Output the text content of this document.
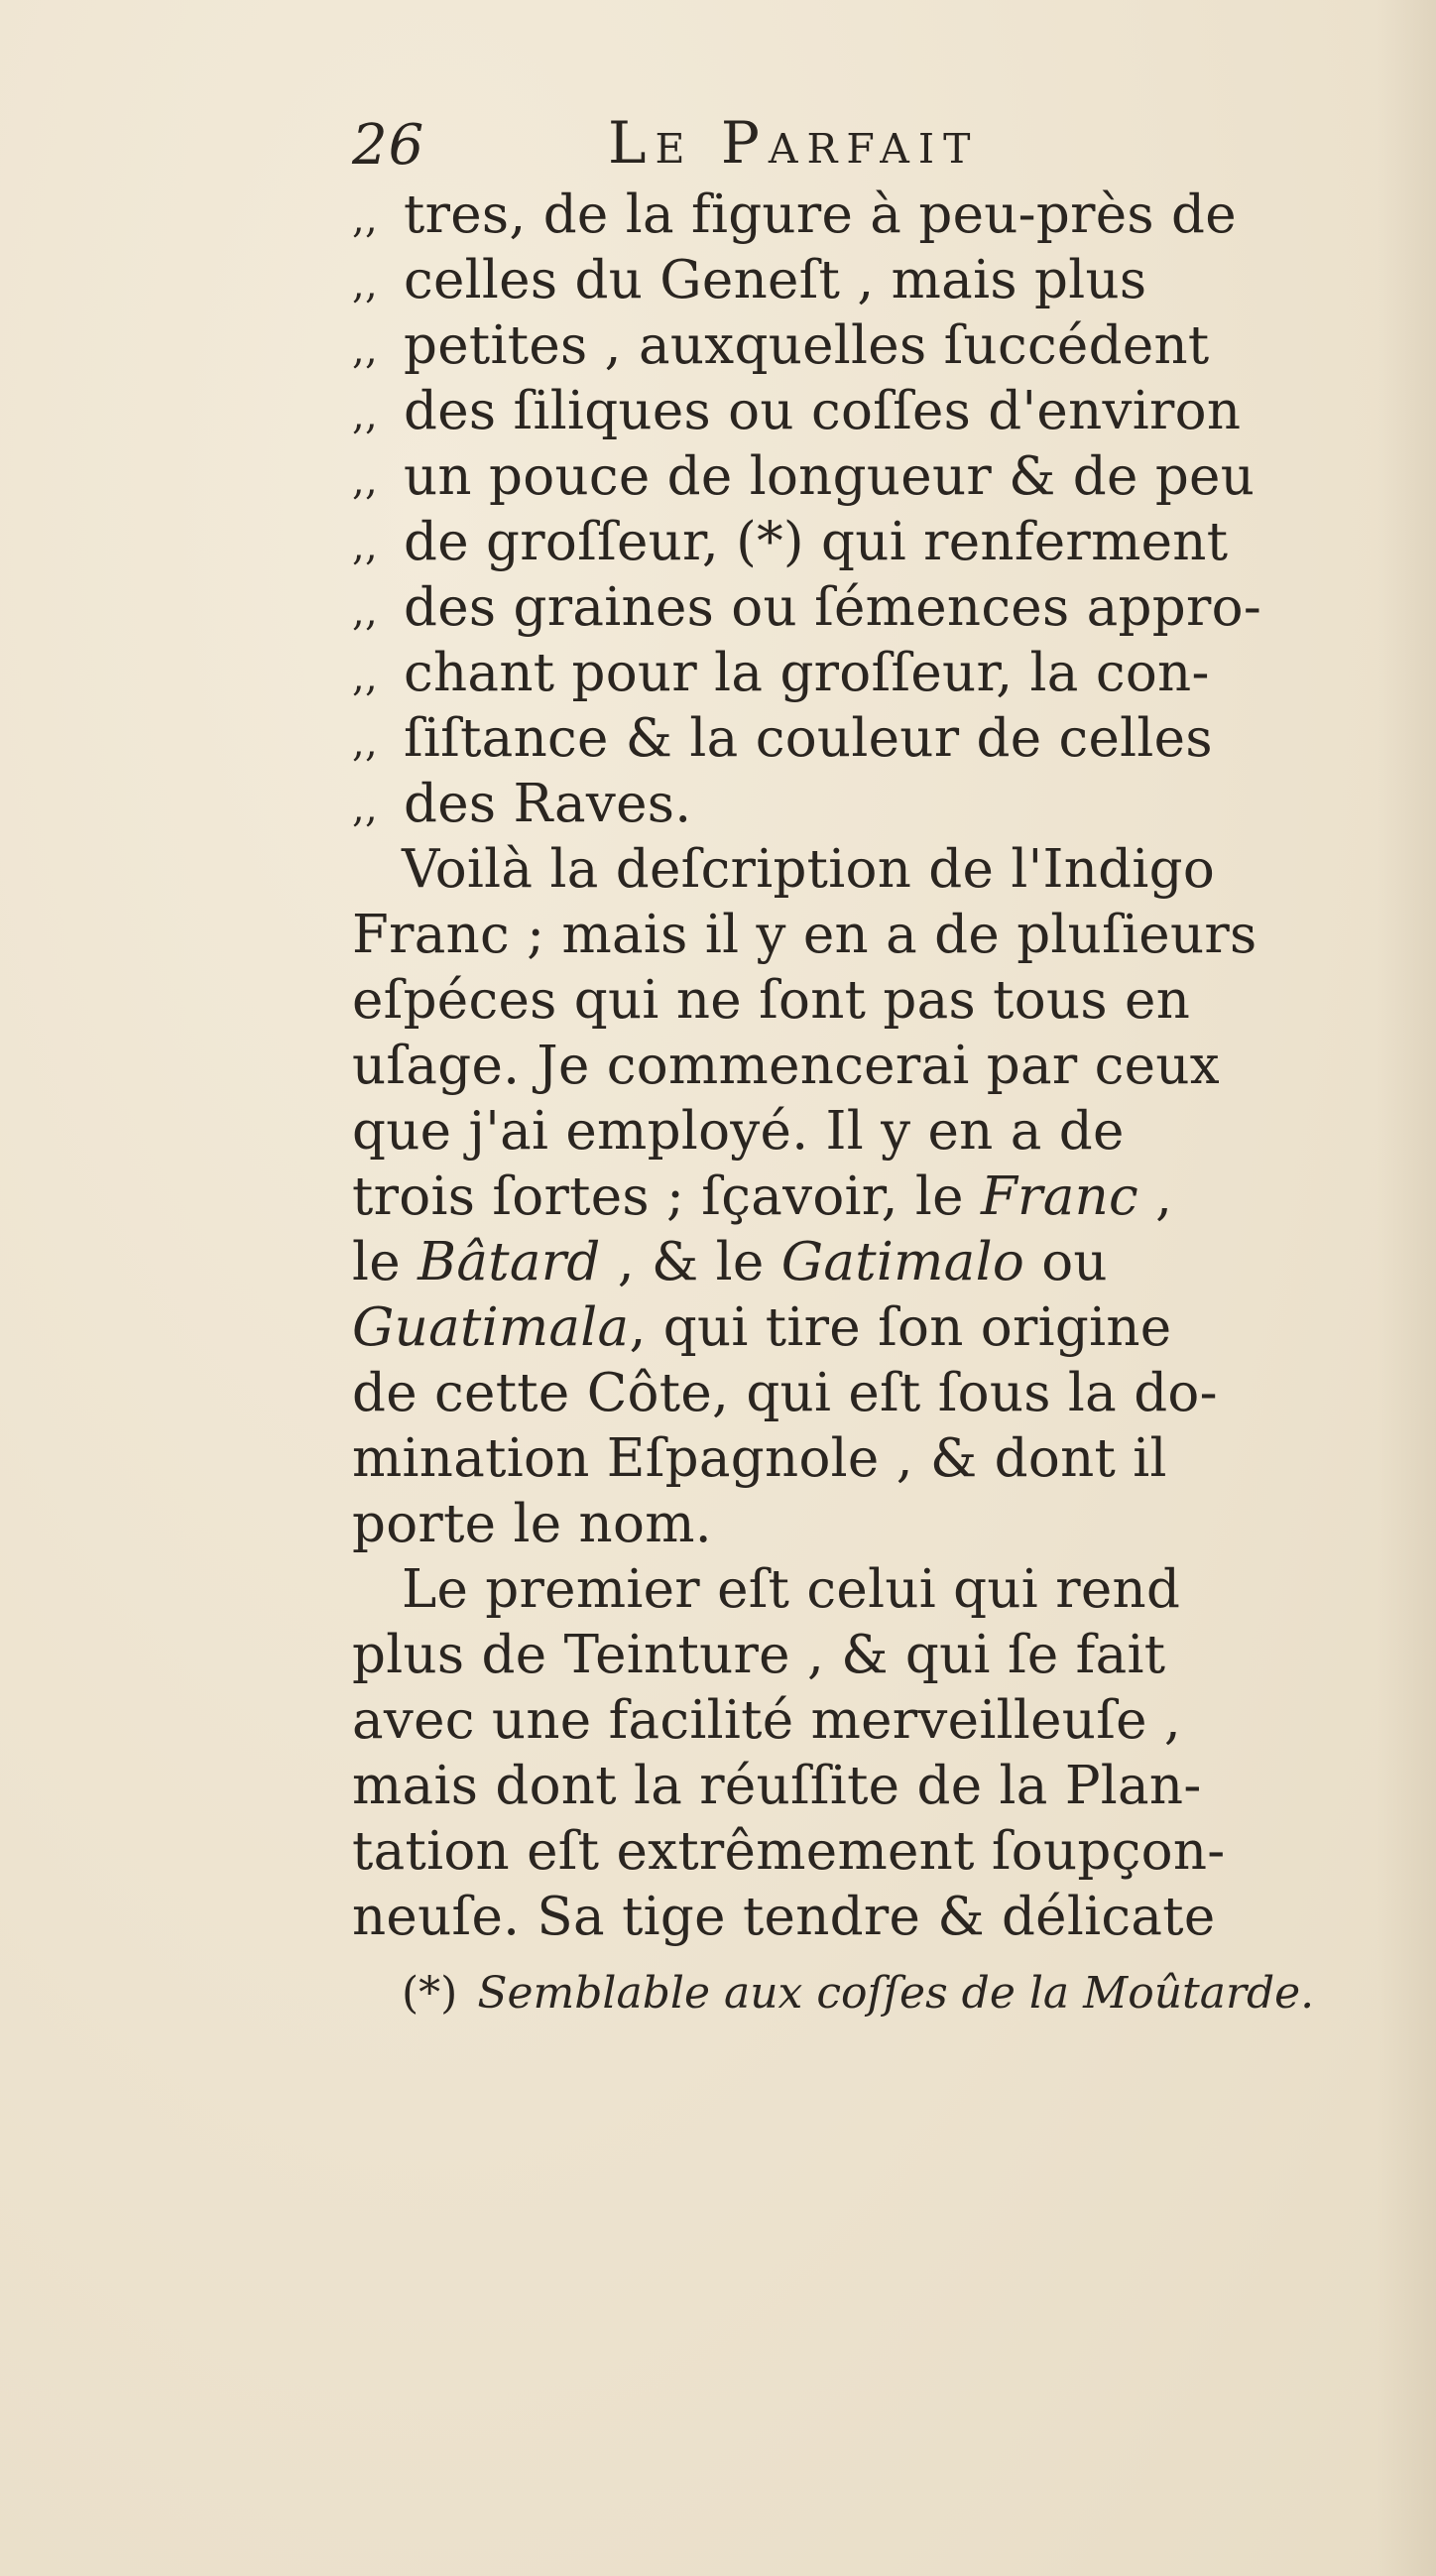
26	Le Parfait
,, tres, de la figure à peu-près de
,, celles du Geneſt , mais plus
,, petites , auxquelles ſuccédent
,, des ſiliques ou coſſes d'environ
,, un pouce de longueur & de peu
,, de groſſeur, (*) qui renferment
,, des graines ou ſémences appro-
,, chant pour la groſſeur, la con-
,, ſiſtance & la couleur de celles
,, des Raves.
Voilà la deſcription de l'Indigo
Franc ; mais il y en a de pluſieurs
eſpéces qui ne ſont pas tous en
uſage. Je commencerai par ceux
que j'ai employé. Il y en a de
trois ſortes ; ſçavoir, le Franc ,
le Bâtard , & le Gatimalo ou
Guatimala, qui tire ſon origine
de cette Côte, qui eſt ſous la do-
mination Eſpagnole , & dont il
porte le nom.
Le premier eſt celui qui rend
plus de Teinture , & qui ſe fait
avec une facilité merveilleuſe ,
mais dont la réuſſite de la Plan-
tation eſt extrêmement ſoupçon-
neuſe. Sa tige tendre & délicate
(*) Semblable aux coſſes de la Moûtarde.
